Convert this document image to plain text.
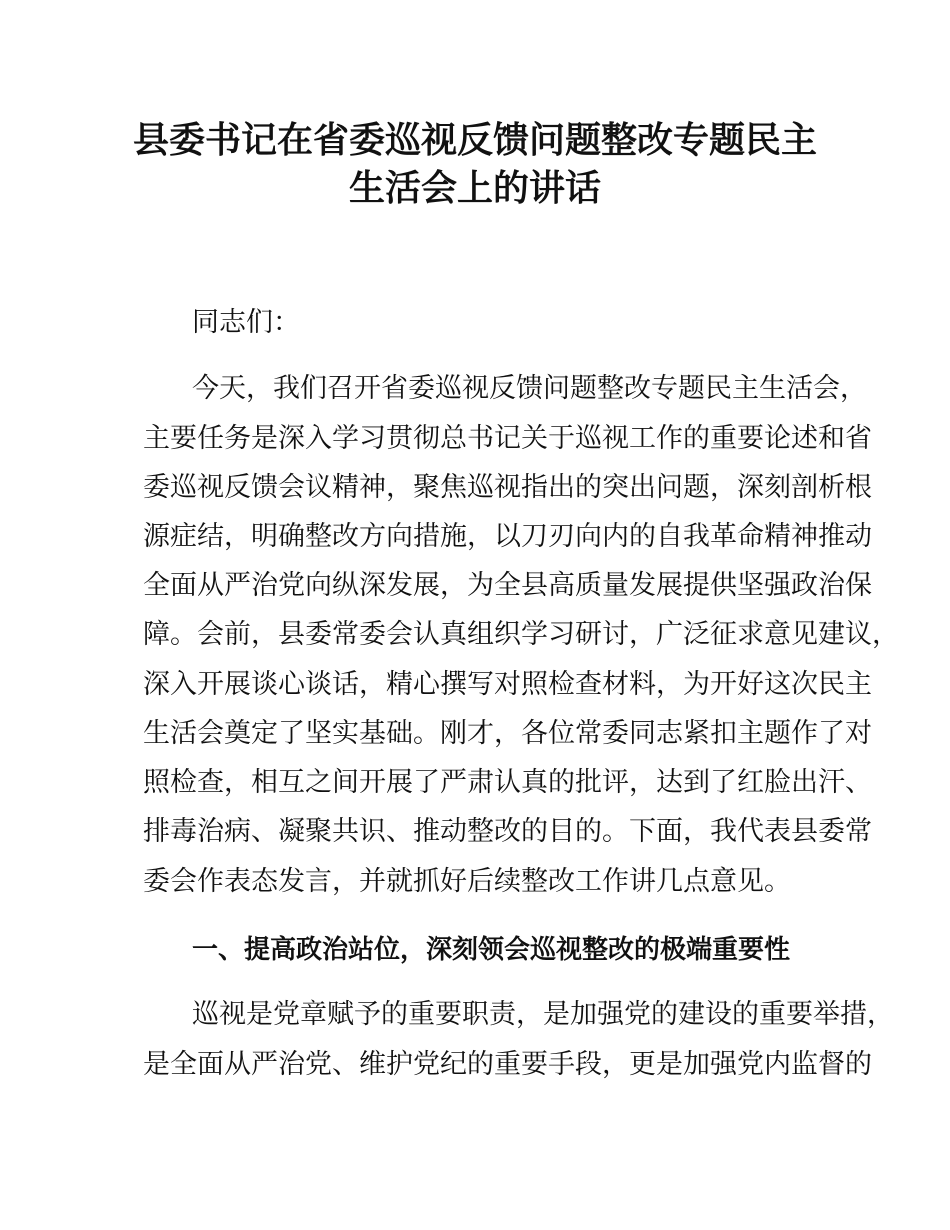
县委书记在省委巡视反馈问题整改专题民主
生活会上的讲话
同志们：
今天，我们召开省委巡视反馈问题整改专题民主生活会，
主要任务是深入学习贯彻总书记关于巡视工作的重要论述和省
委巡视反馈会议精神，聚焦巡视指出的突出问题，深刻剖析根
源症结，明确整改方向措施，以刀刃向内的自我革命精神推动
全面从严治党向纵深发展，为全县高质量发展提供坚强政治保
障。会前，县委常委会认真组织学习研讨，广泛征求意见建议，
深入开展谈心谈话，精心撰写对照检查材料，为开好这次民主
生活会奠定了坚实基础。刚才，各位常委同志紧扣主题作了对
照检查，相互之间开展了严肃认真的批评，达到了红脸出汗、
排毒治病、凝聚共识、推动整改的目的。下面，我代表县委常
委会作表态发言，并就抓好后续整改工作讲几点意见。
一、提高政治站位，深刻领会巡视整改的极端重要性
巡视是党章赋予的重要职责，是加强党的建设的重要举措，
是全面从严治党、维护党纪的重要手段，更是加强党内监督的
